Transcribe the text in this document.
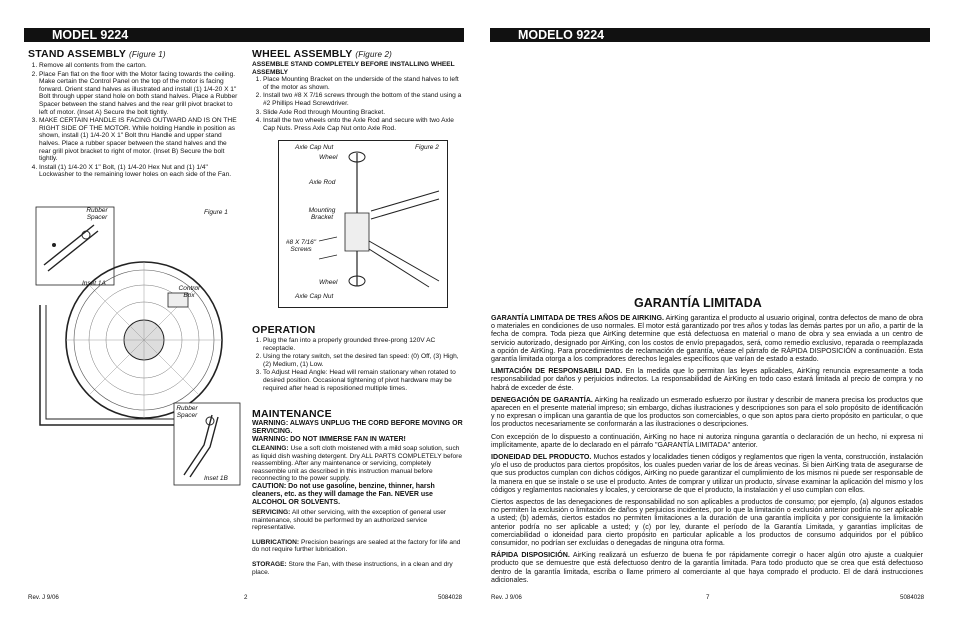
MODEL 9224
STAND ASSEMBLY (Figure 1)
1. Remove all contents from the carton.
2. Place Fan flat on the floor with the Motor facing towards the ceiling. Make certain the Control Panel on the top of the motor is facing forward. Orient stand halves as illustrated and install (1) 1/4-20 X 1" Bolt through upper stand hole on both stand halves. Place a Rubber Spacer between the stand halves and the rear grill pivot bracket to left of motor. (Inset A) Secure the bolt tightly.
3. MAKE CERTAIN HANDLE IS FACING OUTWARD AND IS ON THE RIGHT SIDE OF THE MOTOR. While holding Handle in position as shown, install (1) 1/4-20 X 1" Bolt thru Handle and upper stand halves. Place a rubber spacer between the stand halves and the rear grill pivot bracket to right of motor. (Inset B) Secure the bolt tightly.
4. Install (1) 1/4-20 X 1" Bolt, (1) 1/4-20 Hex Nut and (1) 1/4" Lockwasher to the remaining lower holes on each side of the Fan.
Rubber Spacer
Figure 1
Inset 1A
Control Box
Rubber Spacer
Inset 1B
WHEEL ASSEMBLY (Figure 2)
ASSEMBLE STAND COMPLETELY BEFORE INSTALLING WHEEL ASSEMBLY
1. Place Mounting Bracket on the underside of the stand halves to left of the motor as shown.
2. Install two #8 X 7/16 screws through the bottom of the stand using a #2 Phillips Head Screwdriver.
3. Slide Axle Rod through Mounting Bracket.
4. Install the two wheels onto the Axle Rod and secure with two Axle Cap Nuts. Press Axle Cap Nut onto Axle Rod.
Axle Cap Nut	Figure 2
Wheel
Axle Rod
Mounting Bracket
#8 X 7/16" Screws
Wheel
Axle Cap Nut
OPERATION
1. Plug the fan into a properly grounded three-prong 120V AC receptacle.
2. Using the rotary switch, set the desired fan speed: (0) Off, (3) High, (2) Medium, (1) Low.
3. To Adjust Head Angle: Head will remain stationary when rotated to desired position. Occasional tightening of pivot hardware may be required after head is repositioned multiple times.
MAINTENANCE
WARNING: ALWAYS UNPLUG THE CORD BEFORE MOVING OR SERVICING.
WARNING: DO NOT IMMERSE FAN IN WATER!
CLEANING: Use a soft cloth moistened with a mild soap solution, such as liquid dish washing detergent. Dry ALL PARTS COMPLETELY before reassembling. After any maintenance or servicing, completely reassemble unit as described in this instruction manual before reconnecting to the power supply.
CAUTION: Do not use gasoline, benzine, thinner, harsh cleaners, etc. as they will damage the Fan. NEVER use ALCOHOL OR SOLVENTS.
SERVICING: All other servicing, with the exception of general user maintenance, should be performed by an authorized service representative.
LUBRICATION: Precision bearings are sealed at the factory for life and do not require further lubrication.
STORAGE: Store the Fan, with these instructions, in a clean and dry place.
Rev. J 9/06	2	5084028
MODELO 9224
GARANTÍA LIMITADA

GARANTÍA LIMITADA DE TRES AÑOS DE AIRKING. AirKing garantiza el producto al usuario original, contra defectos de mano de obra o materiales en condiciones de uso normales. El motor está garantizado por tres años y todas las demás partes por un año, a partir de la fecha de compra. Toda pieza que AirKing determine que está defectuosa en material o mano de obra y sea enviada a un centro de servicio autorizado, designado por AirKing, con los costos de envío prepagados, será, como remedio exclusivo, reparada o reemplazada a opción de AirKing. Para procedimientos de reclamación de garantía, véase el párrafo de RÁPIDA DISPOSICIÓN a continuación. Esta garantía limitada otorga a los compradores derechos legales específicos que varían de estado a estado.

LIMITACIÓN DE RESPONSABILI DAD. En la medida que lo permitan las leyes aplicables, AirKing renuncia expresamente a toda responsabilidad por daños y perjuicios indirectos. La responsabilidad de AirKing en todo caso estará limitada al precio de compra y no habrá de exceder de éste.

DENEGACIÓN DE GARANTÍA. AirKing ha realizado un esmerado esfuerzo por ilustrar y describir de manera precisa los productos que aparecen en el presente material impreso; sin embargo, dichas ilustraciones y descripciones son para el solo propósito de identificación y no expresan o implican una garantía de que los productos son comerciables, o que son aptos para cierto propósito en particular, o que los productos necesariamente se conformarán a las ilustraciones o descripciones.

Con excepción de lo dispuesto a continuación, AirKing no hace ni autoriza ninguna garantía o declaración de un hecho, ni expresa ni implícitamente, aparte de lo declarado en el párrafo "GARANTÍA LIMITADA" anterior.

IDONEIDAD DEL PRODUCTO. Muchos estados y localidades tienen códigos y reglamentos que rigen la venta, construcción, instalación y/o el uso de productos para ciertos propósitos, los cuales pueden variar de los de áreas vecinas. Si bien AirKing trata de asegurarse de que sus productos cumplan con dichos códigos, AirKing no puede garantizar el cumplimiento de los mismos ni puede ser responsable de la manera en que se instale o se use el producto. Antes de comprar y utilizar un producto, sírvase examinar la aplicación del mismo y los códigos y reglamentos nacionales y locales, y cerciorarse de que el producto, la instalación y el uso cumplan con ellos.

Ciertos aspectos de las denegaciones de responsabilidad no son aplicables a productos de consumo; por ejemplo, (a) algunos estados no permiten la exclusión o limitación de daños y perjuicios incidentes, por lo que la limitación o exclusión anterior podría no ser aplicable a usted; (b) además, ciertos estados no permiten limitaciones a la duración de una garantía implícita y por consiguiente la limitación anterior podría no ser aplicable a usted; y (c) por ley, durante el período de la Garantía Limitada, y garantías implícitas de comerciabilidad o idoneidad para cierto propósito en particular aplicable a los productos de consumo adquiridos por el público consumidor, no podrían ser excluidas o denegadas de ninguna otra forma.

RÁPIDA DISPOSICIÓN. AirKing realizará un esfuerzo de buena fe por rápidamente corregir o hacer algún otro ajuste a cualquier producto que se demuestre que está defectuoso dentro de la garantía limitada. Para todo producto que se crea que está defectuoso dentro de la garantía limitada, escriba o llame primero al comerciante al que haya comprado el producto. El de dará instrucciones adicionales.

Rev. J 9/06	7	5084028
